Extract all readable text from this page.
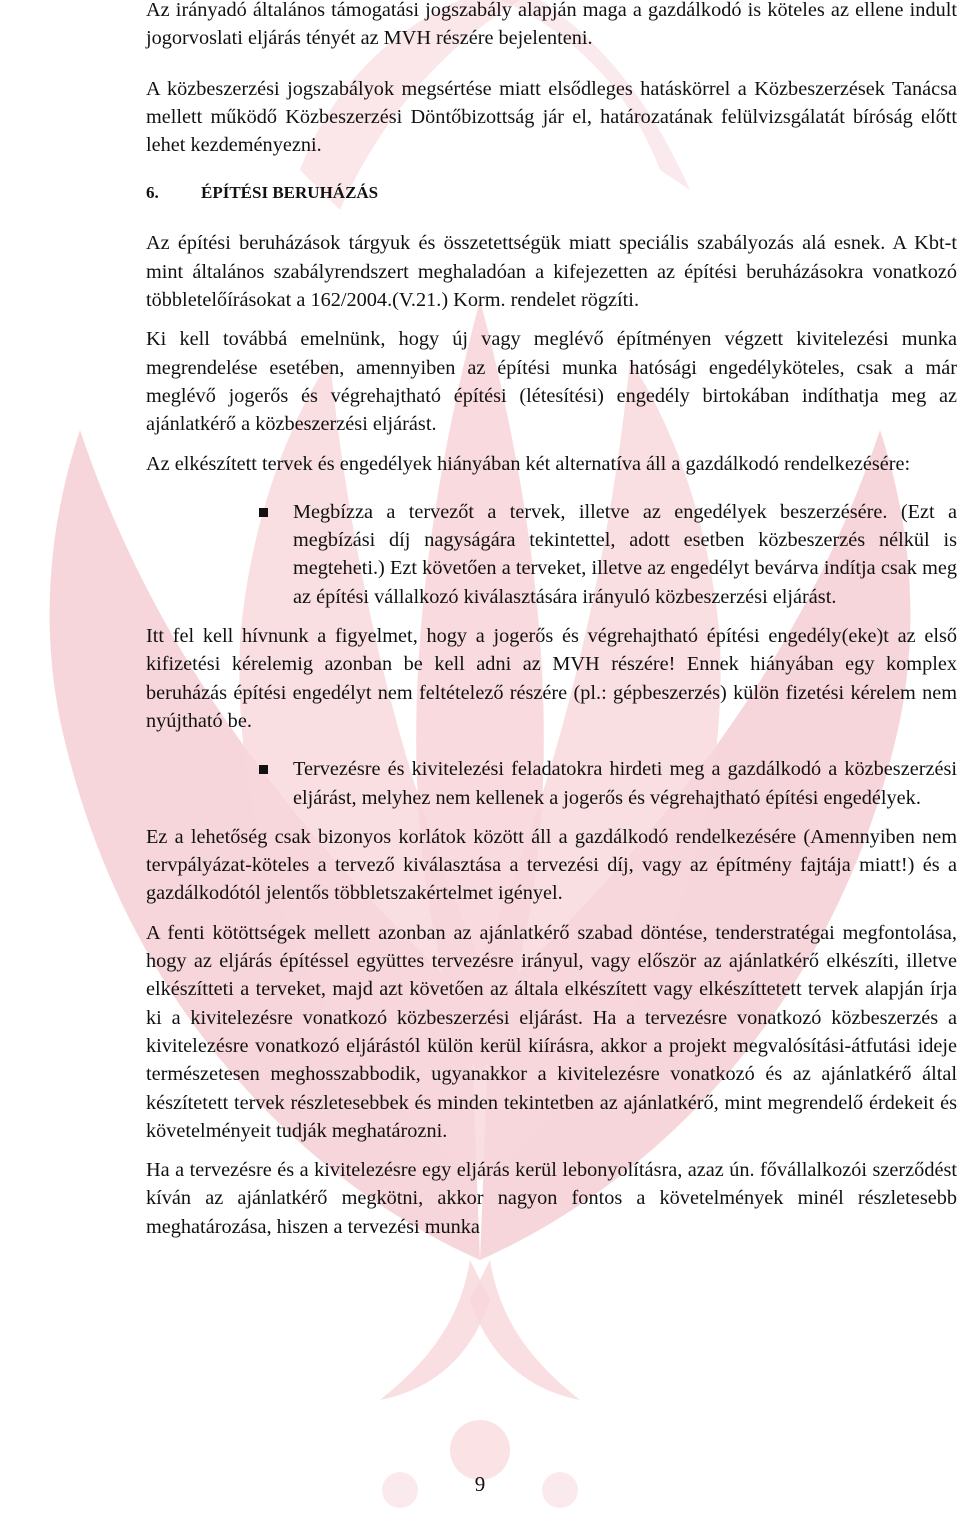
Az irányadó általános támogatási jogszabály alapján maga a gazdálkodó is köteles az ellene indult jogorvoslati eljárás tényét az MVH részére bejelenteni.

A közbeszerzési jogszabályok megsértése miatt elsődleges hatáskörrel a Közbeszerzések Tanácsa mellett működő Közbeszerzési Döntőbizottság jár el, határozatának felülvizsgálatát bíróság előtt lehet kezdeményezni.

6. ÉPÍTÉSI BERUHÁZÁS

Az építési beruházások tárgyuk és összetettségük miatt speciális szabályozás alá esnek. A Kbt-t mint általános szabályrendszert meghaladóan a kifejezetten az építési beruházásokra vonatkozó többletelőírásokat a 162/2004.(V.21.) Korm. rendelet rögzíti.

Ki kell továbbá emelnünk, hogy új vagy meglévő építményen végzett kivitelezési munka megrendelése esetében, amennyiben az építési munka hatósági engedélyköteles, csak a már meglévő jogerős és végrehajtható építési (létesítési) engedély birtokában indíthatja meg az ajánlatkérő a közbeszerzési eljárást.

Az elkészített tervek és engedélyek hiányában két alternatíva áll a gazdálkodó rendelkezésére:

Megbízza a tervezőt a tervek, illetve az engedélyek beszerzésére. (Ezt a megbízási díj nagyságára tekintettel, adott esetben közbeszerzés nélkül is megteheti.) Ezt követően a terveket, illetve az engedélyt bevárva indítja csak meg az építési vállalkozó kiválasztására irányuló közbeszerzési eljárást.

Itt fel kell hívnunk a figyelmet, hogy a jogerős és végrehajtható építési engedély(eke)t az első kifizetési kérelemig azonban be kell adni az MVH részére! Ennek hiányában egy komplex beruházás építési engedélyt nem feltételező részére (pl.: gépbeszerzés) külön fizetési kérelem nem nyújtható be.

Tervezésre és kivitelezési feladatokra hirdeti meg a gazdálkodó a közbeszerzési eljárást, melyhez nem kellenek a jogerős és végrehajtható építési engedélyek.

Ez a lehetőség csak bizonyos korlátok között áll a gazdálkodó rendelkezésére (Amennyiben nem tervpályázat-köteles a tervező kiválasztása a tervezési díj, vagy az építmény fajtája miatt!) és a gazdálkodótól jelentős többletszakértelmet igényel.

A fenti kötöttségek mellett azonban az ajánlatkérő szabad döntése, tenderstratégai megfontolása, hogy az eljárás építéssel együttes tervezésre irányul, vagy először az ajánlatkérő elkészíti, illetve elkészítteti a terveket, majd azt követően az általa elkészített vagy elkészíttetett tervek alapján írja ki a kivitelezésre vonatkozó közbeszerzési eljárást. Ha a tervezésre vonatkozó közbeszerzés a kivitelezésre vonatkozó eljárástól külön kerül kiírásra, akkor a projekt megvalósítási-átfutási ideje természetesen meghosszabbodik, ugyanakkor a kivitelezésre vonatkozó és az ajánlatkérő által készítetett tervek részletesebbek és minden tekintetben az ajánlatkérő, mint megrendelő érdekeit és követelményeit tudják meghatározni.

Ha a tervezésre és a kivitelezésre egy eljárás kerül lebonyolításra, azaz ún. fővállalkozói szerződést kíván az ajánlatkérő megkötni, akkor nagyon fontos a követelmények minél részletesebb meghatározása, hiszen a tervezési munka

9
